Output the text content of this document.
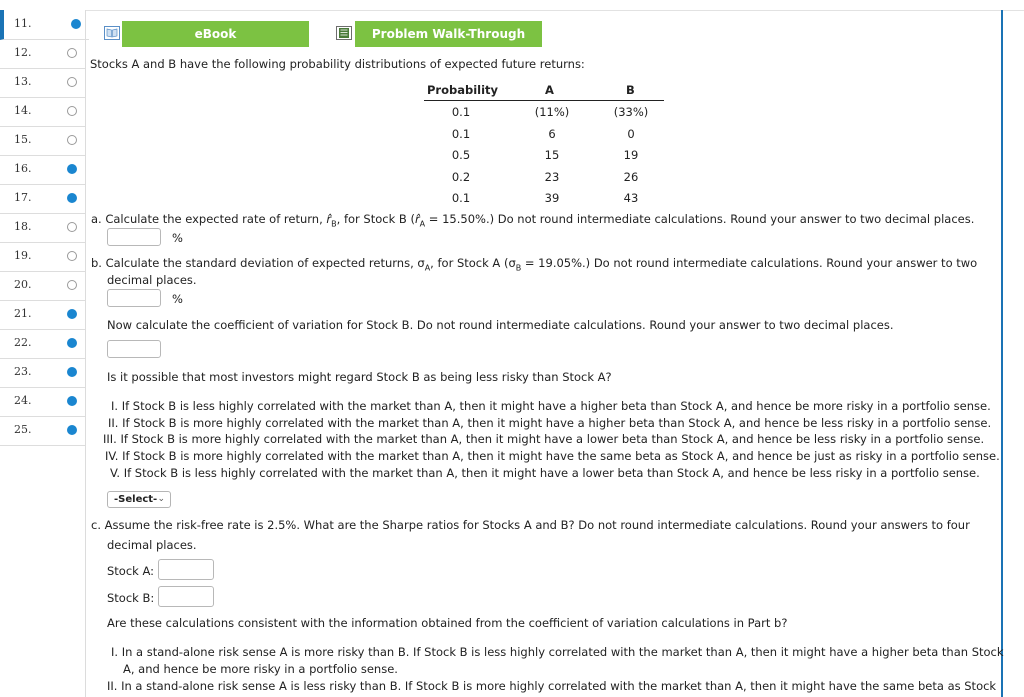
11.
12.
13.
14.
15.
16.
17.
18.
19.
20.
21.
22.
23.
24.
25.
eBook	Problem Walk-Through
Stocks A and B have the following probability distributions of expected future returns:
Probability	A	B
0.1	(11%)	(33%)
0.1	6	0
0.5	15	19
0.2	23	26
0.1	39	43
a. Calculate the expected rate of return, $r̂_B$, for Stock B $(r̂_A = 15.50\%.)$ Do not round intermediate calculations. Round your answer to two decimal places.
%
b. Calculate the standard deviation of expected returns, $\sigma_A$, for Stock A $(\sigma_B = 19.05\%.)$ Do not round intermediate calculations. Round your answer to two
decimal places.
%
Now calculate the coefficient of variation for Stock B. Do not round intermediate calculations. Round your answer to two decimal places.
Is it possible that most investors might regard Stock B as being less risky than Stock A?
I. If Stock B is less highly correlated with the market than A, then it might have a higher beta than Stock A, and hence be more risky in a portfolio sense.
II. If Stock B is more highly correlated with the market than A, then it might have a higher beta than Stock A, and hence be less risky in a portfolio sense.
III. If Stock B is more highly correlated with the market than A, then it might have a lower beta than Stock A, and hence be less risky in a portfolio sense.
IV. If Stock B is more highly correlated with the market than A, then it might have the same beta as Stock A, and hence be just as risky in a portfolio sense.
V. If Stock B is less highly correlated with the market than A, then it might have a lower beta than Stock A, and hence be less risky in a portfolio sense.
-Select- ⌄
c. Assume the risk-free rate is 2.5%. What are the Sharpe ratios for Stocks A and B? Do not round intermediate calculations. Round your answers to four
decimal places.
Stock A:
Stock B:
Are these calculations consistent with the information obtained from the coefficient of variation calculations in Part b?
I. In a stand-alone risk sense A is more risky than B. If Stock B is less highly correlated with the market than A, then it might have a higher beta than Stock
A, and hence be more risky in a portfolio sense.
II. In a stand-alone risk sense A is less risky than B. If Stock B is more highly correlated with the market than A, then it might have the same beta as Stock
